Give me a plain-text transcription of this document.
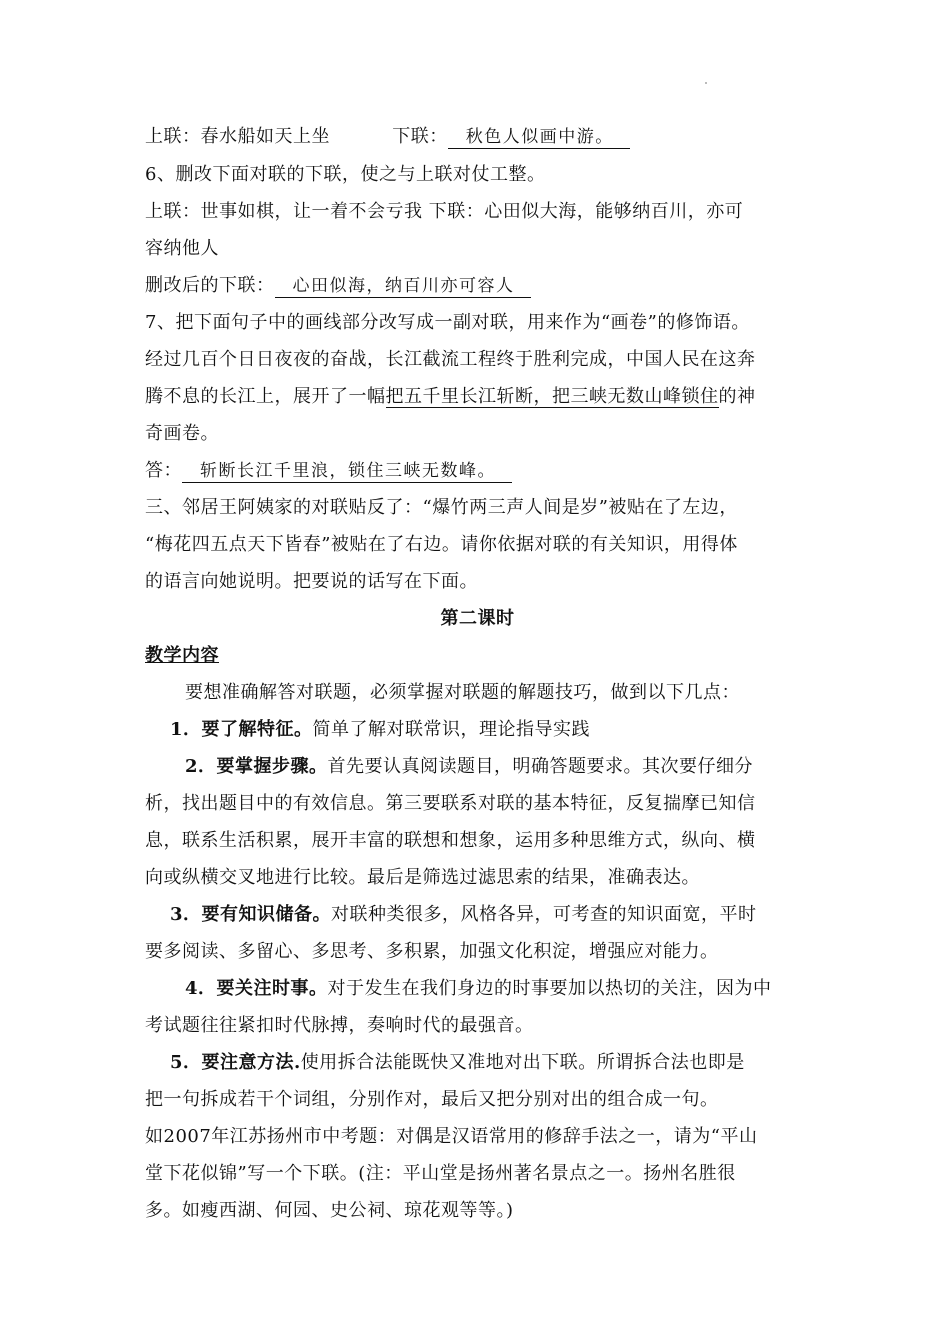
上联：春水船如天上坐          下联： 秋色人似画中游。
6、删改下面对联的下联，使之与上联对仗工整。
上联：世事如棋，让一着不会亏我 下联：心田似大海，能够纳百川，亦可
容纳他人
删改后的下联： 心田似海，纳百川亦可容人
7、把下面句子中的画线部分改写成一副对联，用来作为“画卷”的修饰语。
经过几百个日日夜夜的奋战，长江截流工程终于胜利完成，中国人民在这奔
腾不息的长江上，展开了一幅把五千里长江斩断，把三峡无数山峰锁住的神
奇画卷。
答： 斩断长江千里浪，锁住三峡无数峰。
三、邻居王阿姨家的对联贴反了：“爆竹两三声人间是岁”被贴在了左边，
“梅花四五点天下皆春”被贴在了右边。请你依据对联的有关知识，用得体
的语言向她说明。把要说的话写在下面。
第二课时
教学内容
要想准确解答对联题，必须掌握对联题的解题技巧，做到以下几点：
1．要了解特征。简单了解对联常识，理论指导实践
2．要掌握步骤。首先要认真阅读题目，明确答题要求。其次要仔细分
析，找出题目中的有效信息。第三要联系对联的基本特征，反复揣摩已知信
息，联系生活积累，展开丰富的联想和想象，运用多种思维方式，纵向、横
向或纵横交叉地进行比较。最后是筛选过滤思索的结果，准确表达。
3．要有知识储备。对联种类很多，风格各异，可考查的知识面宽，平时
要多阅读、多留心、多思考、多积累，加强文化积淀，增强应对能力。
4．要关注时事。对于发生在我们身边的时事要加以热切的关注，因为中
考试题往往紧扣时代脉搏，奏响时代的最强音。
5．要注意方法.使用拆合法能既快又准地对出下联。所谓拆合法也即是
把一句拆成若干个词组，分别作对，最后又把分别对出的组合成一句。
如2007年江苏扬州市中考题：对偶是汉语常用的修辞手法之一，请为“平山
堂下花似锦”写一个下联。(注：平山堂是扬州著名景点之一。扬州名胜很
多。如瘦西湖、何园、史公祠、琼花观等等。)
